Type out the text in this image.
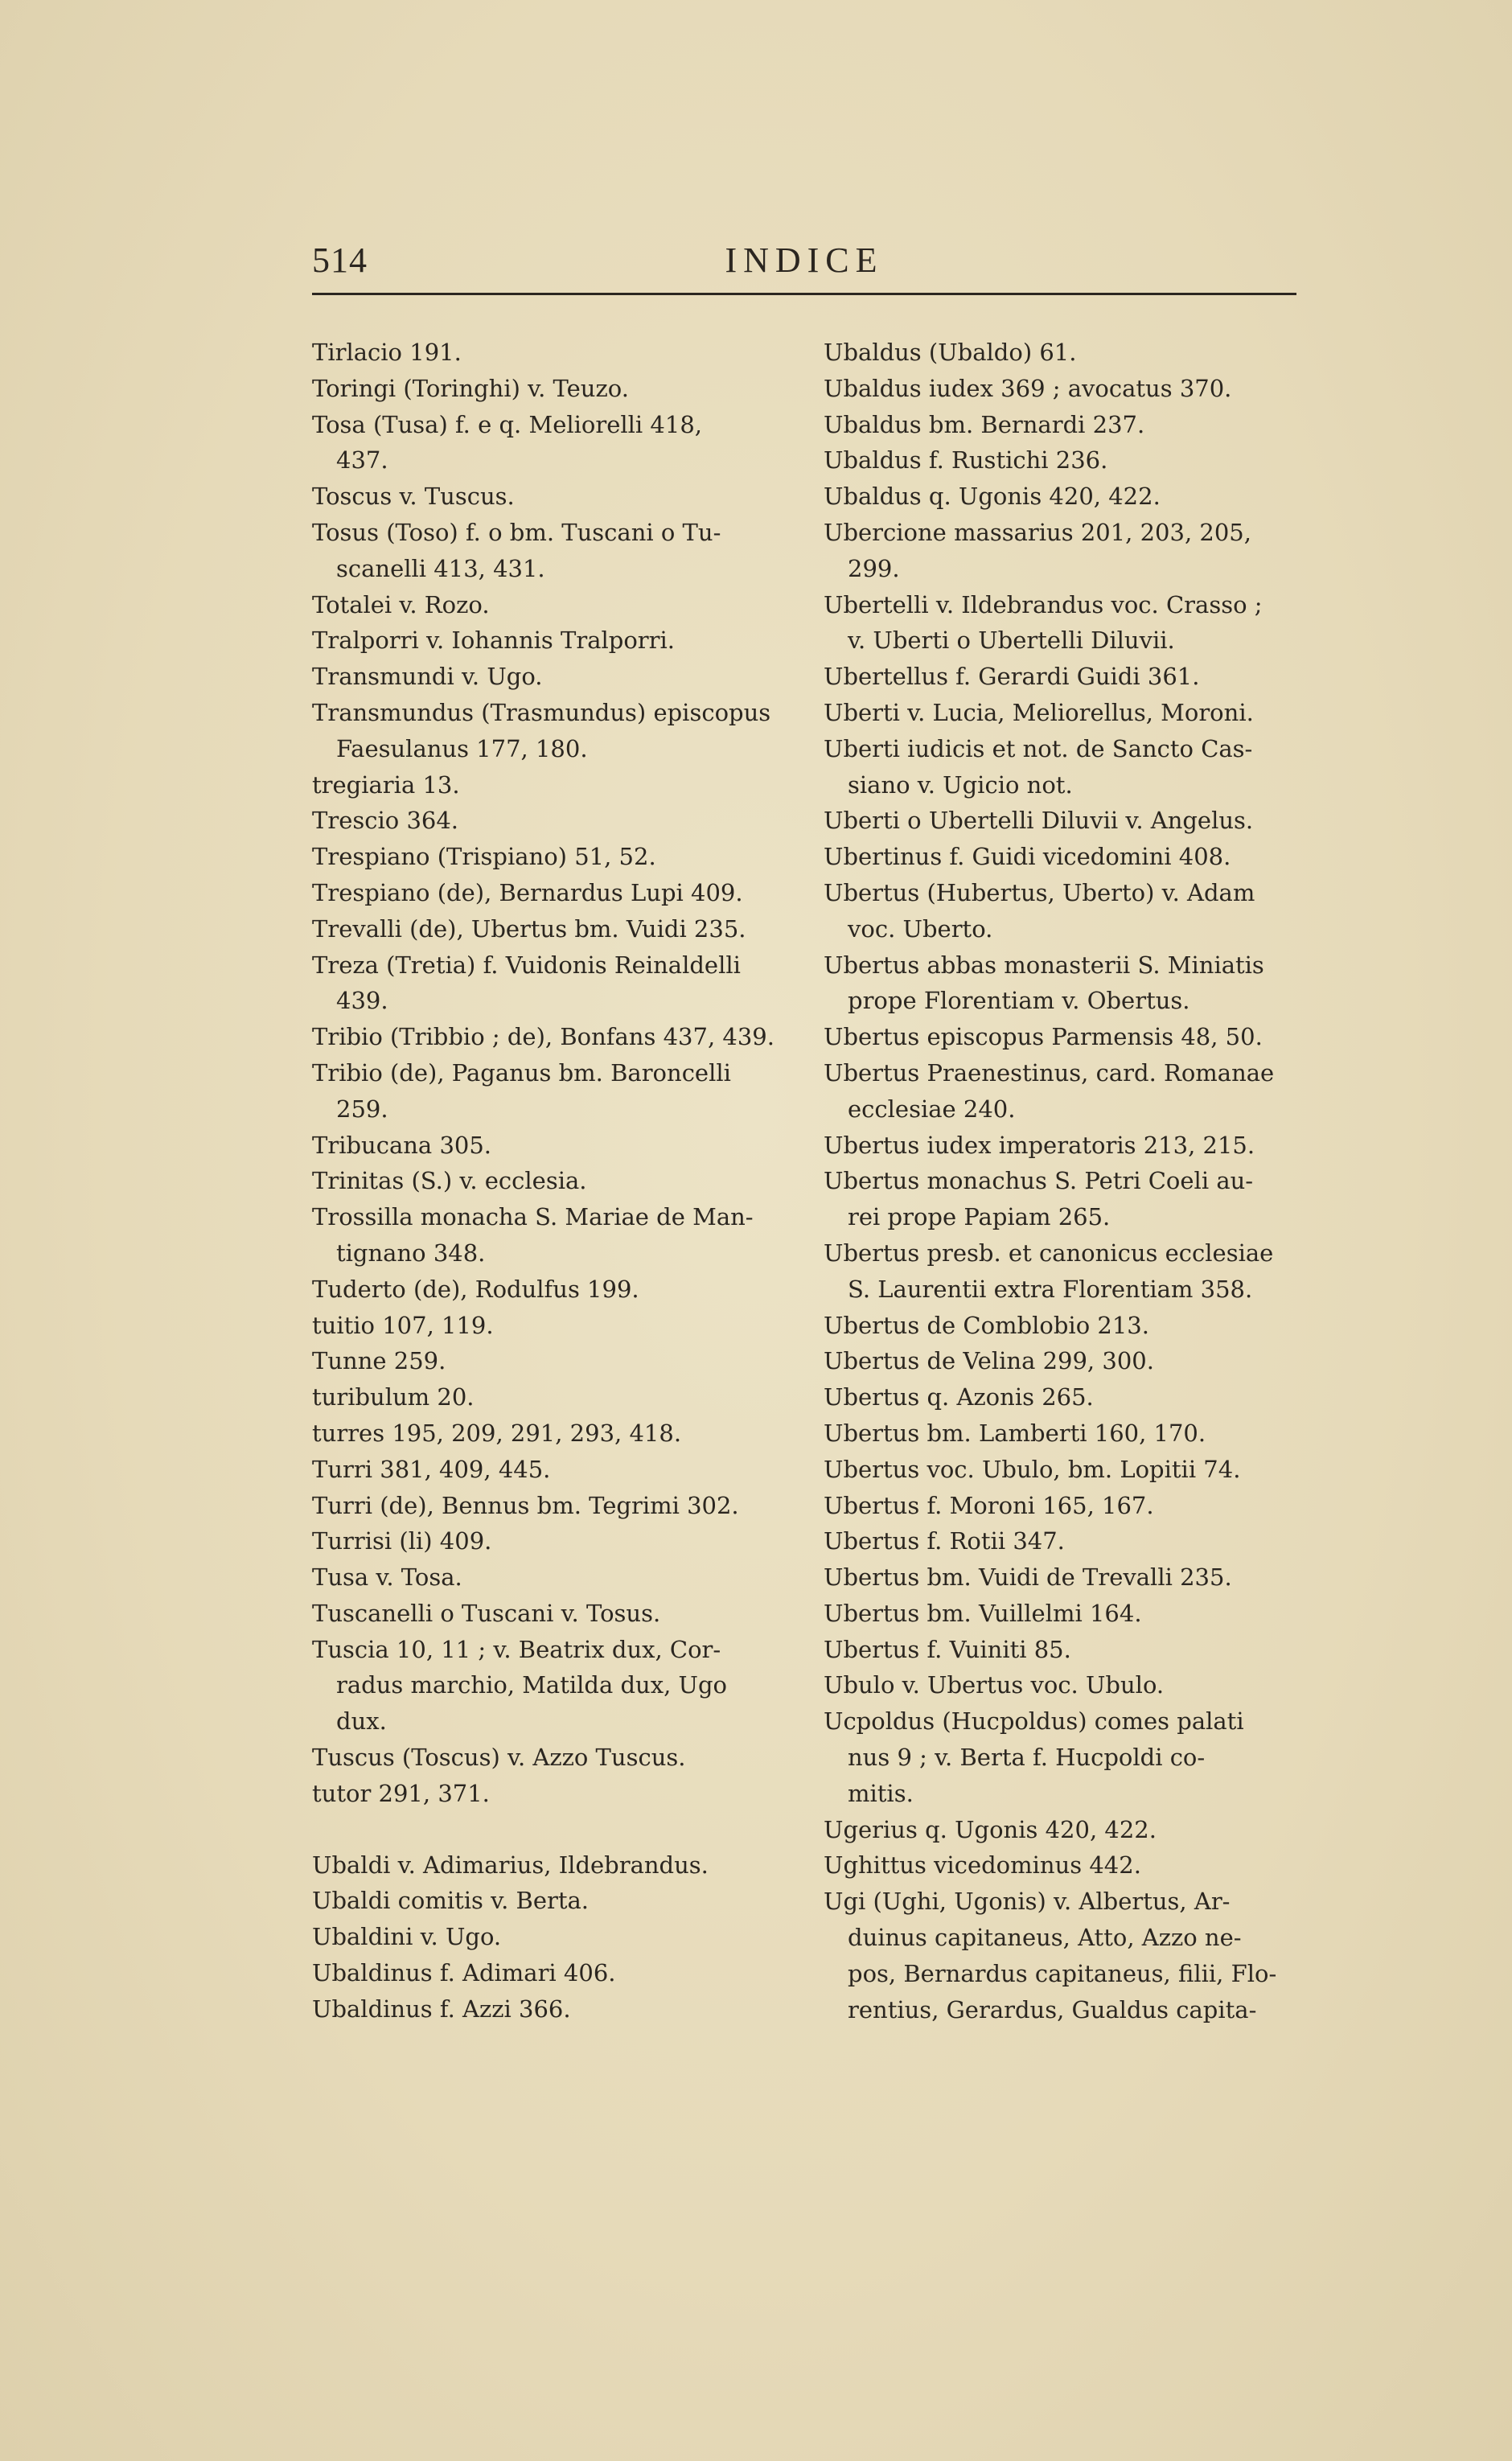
INDICE
514
Tirlacio 191.
Toringi (Toringhi) v. Teuzo.
Tosa (Tusa) f. e q. Meliorelli 418,
437.
Toscus v. Tuscus.
Tosus (Toso) f. o bm. Tuscani o Tu-
scanelli 413, 431.
Totalei v. Rozo.
Tralporri v. Iohannis Tralporri.
Transmundi v. Ugo.
Transmundus (Trasmundus) episcopus
Faesulanus 177, 180.
tregiaria 13.
Trescio 364.
Trespiano (Trispiano) 51, 52.
Trespiano (de), Bernardus Lupi 409.
Trevalli (de), Ubertus bm. Vuidi 235.
Treza (Tretia) f. Vuidonis Reinaldelli
439.
Tribio (Tribbio ; de), Bonfans 437, 439.
Tribio (de), Paganus bm. Baroncelli
259.
Tribucana 305.
Trinitas (S.) v. ecclesia.
Trossilla monacha S. Mariae de Man-
tignano 348.
Tuderto (de), Rodulfus 199.
tuitio 107, 119.
Tunne 259.
turibulum 20.
turres 195, 209, 291, 293, 418.
Turri 381, 409, 445.
Turri (de), Bennus bm. Tegrimi 302.
Turrisi (li) 409.
Tusa v. Tosa.
Tuscanelli o Tuscani v. Tosus.
Tuscia 10, 11 ; v. Beatrix dux, Cor-
radus marchio, Matilda dux, Ugo
dux.
Tuscus (Toscus) v. Azzo Tuscus.
tutor 291, 371.
Ubaldi v. Adimarius, Ildebrandus.
Ubaldi comitis v. Berta.
Ubaldini v. Ugo.
Ubaldinus f. Adimari 406.
Ubaldinus f. Azzi 366.
Ubaldus (Ubaldo) 61.
Ubaldus iudex 369 ; avocatus 370.
Ubaldus bm. Bernardi 237.
Ubaldus f. Rustichi 236.
Ubaldus q. Ugonis 420, 422.
Ubercione massarius 201, 203, 205,
299.
Ubertelli v. Ildebrandus voc. Crasso ;
v. Uberti o Ubertelli Diluvii.
Ubertellus f. Gerardi Guidi 361.
Uberti v. Lucia, Meliorellus, Moroni.
Uberti iudicis et not. de Sancto Cas-
siano v. Ugicio not.
Uberti o Ubertelli Diluvii v. Angelus.
Ubertinus f. Guidi vicedomini 408.
Ubertus (Hubertus, Uberto) v. Adam
voc. Uberto.
Ubertus abbas monasterii S. Miniatis
prope Florentiam v. Obertus.
Ubertus episcopus Parmensis 48, 50.
Ubertus Praenestinus, card. Romanae
ecclesiae 240.
Ubertus iudex imperatoris 213, 215.
Ubertus monachus S. Petri Coeli au-
rei prope Papiam 265.
Ubertus presb. et canonicus ecclesiae
S. Laurentii extra Florentiam 358.
Ubertus de Comblobio 213.
Ubertus de Velina 299, 300.
Ubertus q. Azonis 265.
Ubertus bm. Lamberti 160, 170.
Ubertus voc. Ubulo, bm. Lopitii 74.
Ubertus f. Moroni 165, 167.
Ubertus f. Rotii 347.
Ubertus bm. Vuidi de Trevalli 235.
Ubertus bm. Vuillelmi 164.
Ubertus f. Vuiniti 85.
Ubulo v. Ubertus voc. Ubulo.
Ucpoldus (Hucpoldus) comes palati
nus 9 ; v. Berta f. Hucpoldi co-
mitis.
Ugerius q. Ugonis 420, 422.
Ughittus vicedominus 442.
Ugi (Ughi, Ugonis) v. Albertus, Ar-
duinus capitaneus, Atto, Azzo ne-
pos, Bernardus capitaneus, filii, Flo-
rentius, Gerardus, Gualdus capita-
